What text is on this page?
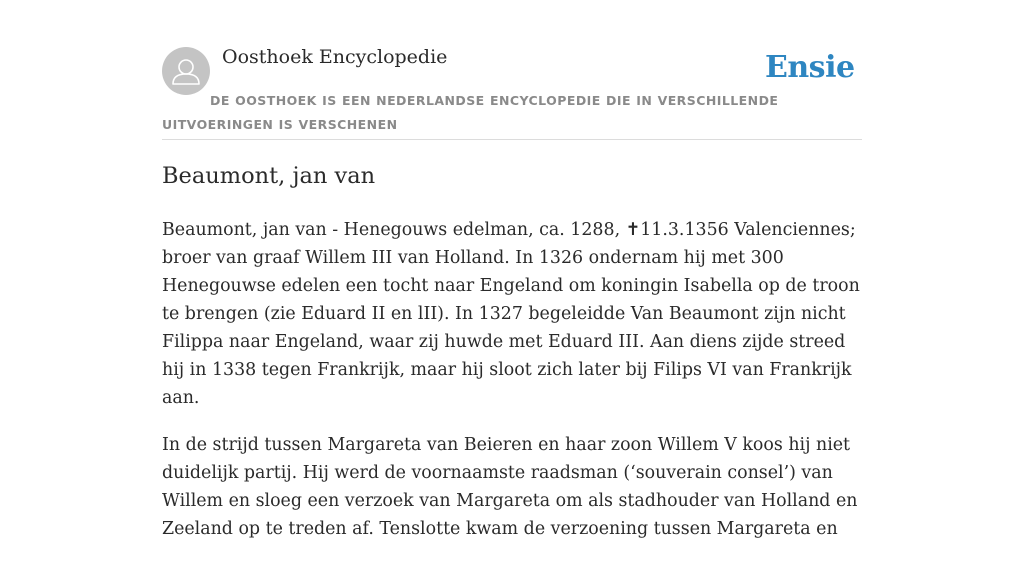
Oosthoek Encyclopedie	Ensie
DE OOSTHOEK IS EEN NEDERLANDSE ENCYCLOPEDIE DIE IN VERSCHILLENDE UITVOERINGEN IS VERSCHENEN
Beaumont, jan van

Beaumont, jan van - Henegouws edelman, ca. 1288, ✝11.3.1356 Valenciennes; broer van graaf Willem III van Holland. In 1326 ondernam hij met 300 Henegouwse edelen een tocht naar Engeland om koningin Isabella op de troon te brengen (zie Eduard II en lII). In 1327 begeleidde Van Beaumont zijn nicht Filippa naar Engeland, waar zij huwde met Eduard III. Aan diens zijde streed hij in 1338 tegen Frankrijk, maar hij sloot zich later bij Filips VI van Frankrijk aan.

In de strijd tussen Margareta van Beieren en haar zoon Willem V koos hij niet duidelijk partij. Hij werd de voornaamste raadsman (‘souverain consel’) van Willem en sloeg een verzoek van Margareta om als stadhouder van Holland en Zeeland op te treden af. Tenslotte kwam de verzoening tussen Margareta en
